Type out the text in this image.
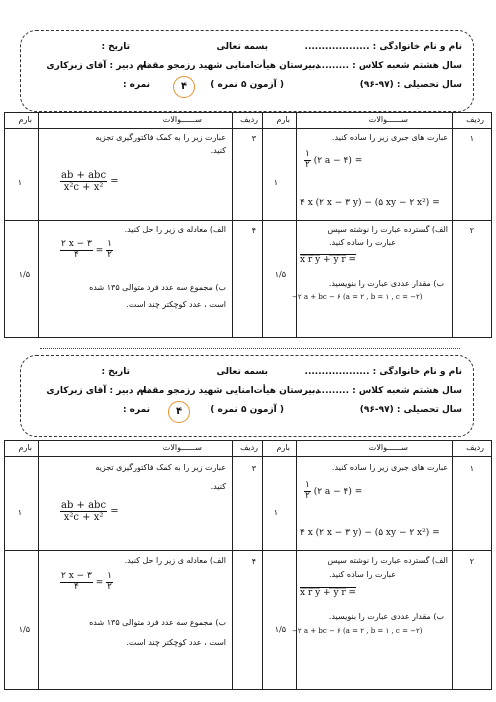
نام و نام خانوادگی : ...................
سال هشتم شعبه کلاس : ............
سال تحصیلی : (۹۷-۹۶)
بسمه تعالی
دبیرستان هیأت‌امنایی شهید رزمجو مقدم
( آزمون ۵ نمره )
۴
تاریخ :
نام دبیر : آقای زبرکاری
نمره :
ردیف
ســــــوالات
بارم
ردیف
ســــــوالات
بارم
۱
عبارت های جبری زیر را ساده کنید.
$\frac{۱}{۲}$ (۲ a − ۴) =
۴ x (۲ x − ۳ y) − (۵ xy − ۲ x²) =
۱
۲
الف) گسترده عبارت را نوشته سپس
عبارت را ساده کنید.
x̅ ̅r̅ ̅y̅ + ̅y̅ ̅r̅ =
ب) مقدار عددی عبارت را بنویسید.
−۲ a + bc − ۶ (a = ۲ , b = ۱ , c = −۲)
۱/۵
۳
عبارت زیر را به کمک فاکتورگیری تجزیه
کنید.
$\frac{\text{ab + abc}}{\text{x²c + x²}}$ =
۱
۴
الف) معادله ی زیر را حل کنید.
$\frac{۲ x - ۳}{۴} = \frac{۱}{۲}$
ب) مجموع سه عدد فرد متوالی ۱۳۵ شده
است ، عدد کوچکتر چند است.
۱/۵
نام و نام خانوادگی : ...................
سال هشتم شعبه کلاس : ............
سال تحصیلی : (۹۷-۹۶)
بسمه تعالی
دبیرستان هیأت‌امنایی شهید رزمجو مقدم
( آزمون ۵ نمره )
۴
تاریخ :
نام دبیر : آقای زبرکاری
نمره :
ردیف
ســــــوالات
بارم
ردیف
ســــــوالات
بارم
۱
عبارت های جبری زیر را ساده کنید.
$\frac{۱}{۲}$ (۲ a − ۴) =
۴ x (۲ x − ۳ y) − (۵ xy − ۲ x²) =
۱
۲
الف) گسترده عبارت را نوشته سپس
عبارت را ساده کنید.
x̅ ̅r̅ ̅y̅ + ̅y̅ ̅r̅ =
ب) مقدار عددی عبارت را بنویسید.
−۲ a + bc − ۶ (a = ۲ , b = ۱ , c = −۲)
۱/۵
۳
عبارت زیر را به کمک فاکتورگیری تجزیه
کنید.
$\frac{\text{ab + abc}}{\text{x²c + x²}}$ =
۱
۴
الف) معادله ی زیر را حل کنید.
$\frac{۲ x - ۳}{۴} = \frac{۱}{۲}$
ب) مجموع سه عدد فرد متوالی ۱۳۵ شده
است ، عدد کوچکتر چند است.
۱/۵
